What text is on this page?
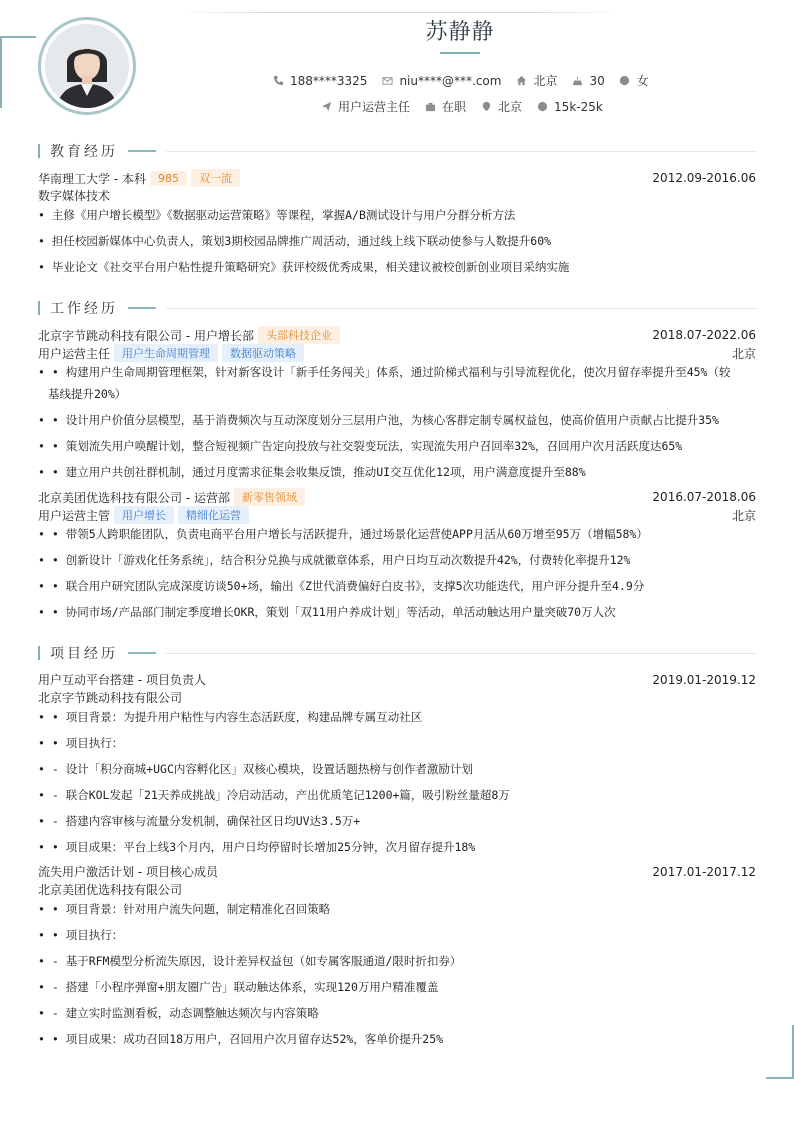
苏静静
188****3325	niu****@***.com	北京	30	女
用户运营主任	在职	北京	15k-25k
教育经历
华南理工大学 - 本科	985	双一流	2012.09-2016.06
数字媒体技术
• 主修《用户增长模型》《数据驱动运营策略》等课程，掌握A/B测试设计与用户分群分析方法
• 担任校园新媒体中心负责人，策划3期校园品牌推广周活动，通过线上线下联动使参与人数提升60%
• 毕业论文《社交平台用户粘性提升策略研究》获评校级优秀成果，相关建议被校创新创业项目采纳实施
工作经历
北京字节跳动科技有限公司 - 用户增长部	头部科技企业	2018.07-2022.06
用户运营主任	用户生命周期管理	数据驱动策略	北京
• • 构建用户生命周期管理框架，针对新客设计「新手任务闯关」体系，通过阶梯式福利与引导流程优化，使次月留存率提升至45%（较
基线提升20%）
• • 设计用户价值分层模型，基于消费频次与互动深度划分三层用户池，为核心客群定制专属权益包，使高价值用户贡献占比提升35%
• • 策划流失用户唤醒计划，整合短视频广告定向投放与社交裂变玩法，实现流失用户召回率32%，召回用户次月活跃度达65%
• • 建立用户共创社群机制，通过月度需求征集会收集反馈，推动UI交互优化12项，用户满意度提升至88%
北京美团优选科技有限公司 - 运营部	新零售领域	2016.07-2018.06
用户运营主管	用户增长	精细化运营	北京
• • 带领5人跨职能团队，负责电商平台用户增长与活跃提升，通过场景化运营使APP月活从60万增至95万（增幅58%）
• • 创新设计「游戏化任务系统」，结合积分兑换与成就徽章体系，用户日均互动次数提升42%，付费转化率提升12%
• • 联合用户研究团队完成深度访谈50+场，输出《Z世代消费偏好白皮书》，支撑5次功能迭代，用户评分提升至4.9分
• • 协同市场/产品部门制定季度增长OKR，策划「双11用户养成计划」等活动，单活动触达用户量突破70万人次
项目经历
用户互动平台搭建 - 项目负责人	2019.01-2019.12
北京字节跳动科技有限公司
• • 项目背景：为提升用户粘性与内容生态活跃度，构建品牌专属互动社区
• • 项目执行：
• - 设计「积分商城+UGC内容孵化区」双核心模块，设置话题热榜与创作者激励计划
• - 联合KOL发起「21天养成挑战」冷启动活动，产出优质笔记1200+篇，吸引粉丝量超8万
• - 搭建内容审核与流量分发机制，确保社区日均UV达3.5万+
• • 项目成果：平台上线3个月内，用户日均停留时长增加25分钟，次月留存提升18%
流失用户激活计划 - 项目核心成员	2017.01-2017.12
北京美团优选科技有限公司
• • 项目背景：针对用户流失问题，制定精准化召回策略
• • 项目执行：
• - 基于RFM模型分析流失原因，设计差异权益包（如专属客服通道/限时折扣券）
• - 搭建「小程序弹窗+朋友圈广告」联动触达体系，实现120万用户精准覆盖
• - 建立实时监测看板，动态调整触达频次与内容策略
• • 项目成果：成功召回18万用户，召回用户次月留存达52%，客单价提升25%
